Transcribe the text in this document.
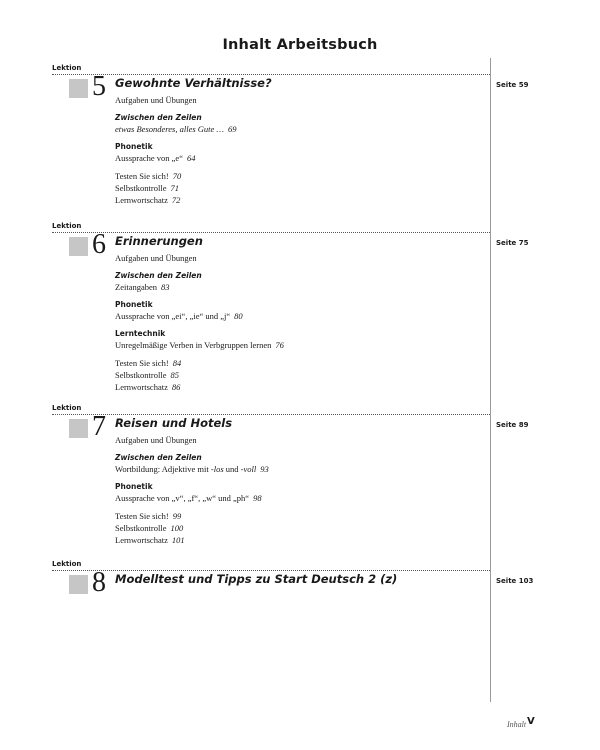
Inhalt Arbeitsbuch
Lektion
5 Gewohnte Verhältnisse?
Aufgaben und Übungen
Zwischen den Zeilen
etwas Besonderes, alles Gute … 69
Phonetik
Aussprache von „e“ 64
Testen Sie sich! 70
Selbstkontrolle 71
Lernwortschatz 72
Seite 59
Lektion
6 Erinnerungen
Aufgaben und Übungen
Zwischen den Zeilen
Zeitangaben 83
Phonetik
Aussprache von „ei“, „ie“ und „j“ 80
Lerntechnik
Unregelmäßige Verben in Verbgruppen lernen 76
Testen Sie sich! 84
Selbstkontrolle 85
Lernwortschatz 86
Seite 75
Lektion
7 Reisen und Hotels
Aufgaben und Übungen
Zwischen den Zeilen
Wortbildung: Adjektive mit -los und -voll 93
Phonetik
Aussprache von „v“, „f“, „w“ und „ph“ 98
Testen Sie sich! 99
Selbstkontrolle 100
Lernwortschatz 101
Seite 89
Lektion
8 Modelltest und Tipps zu Start Deutsch 2 (z)	Seite 103
Inhalt V
